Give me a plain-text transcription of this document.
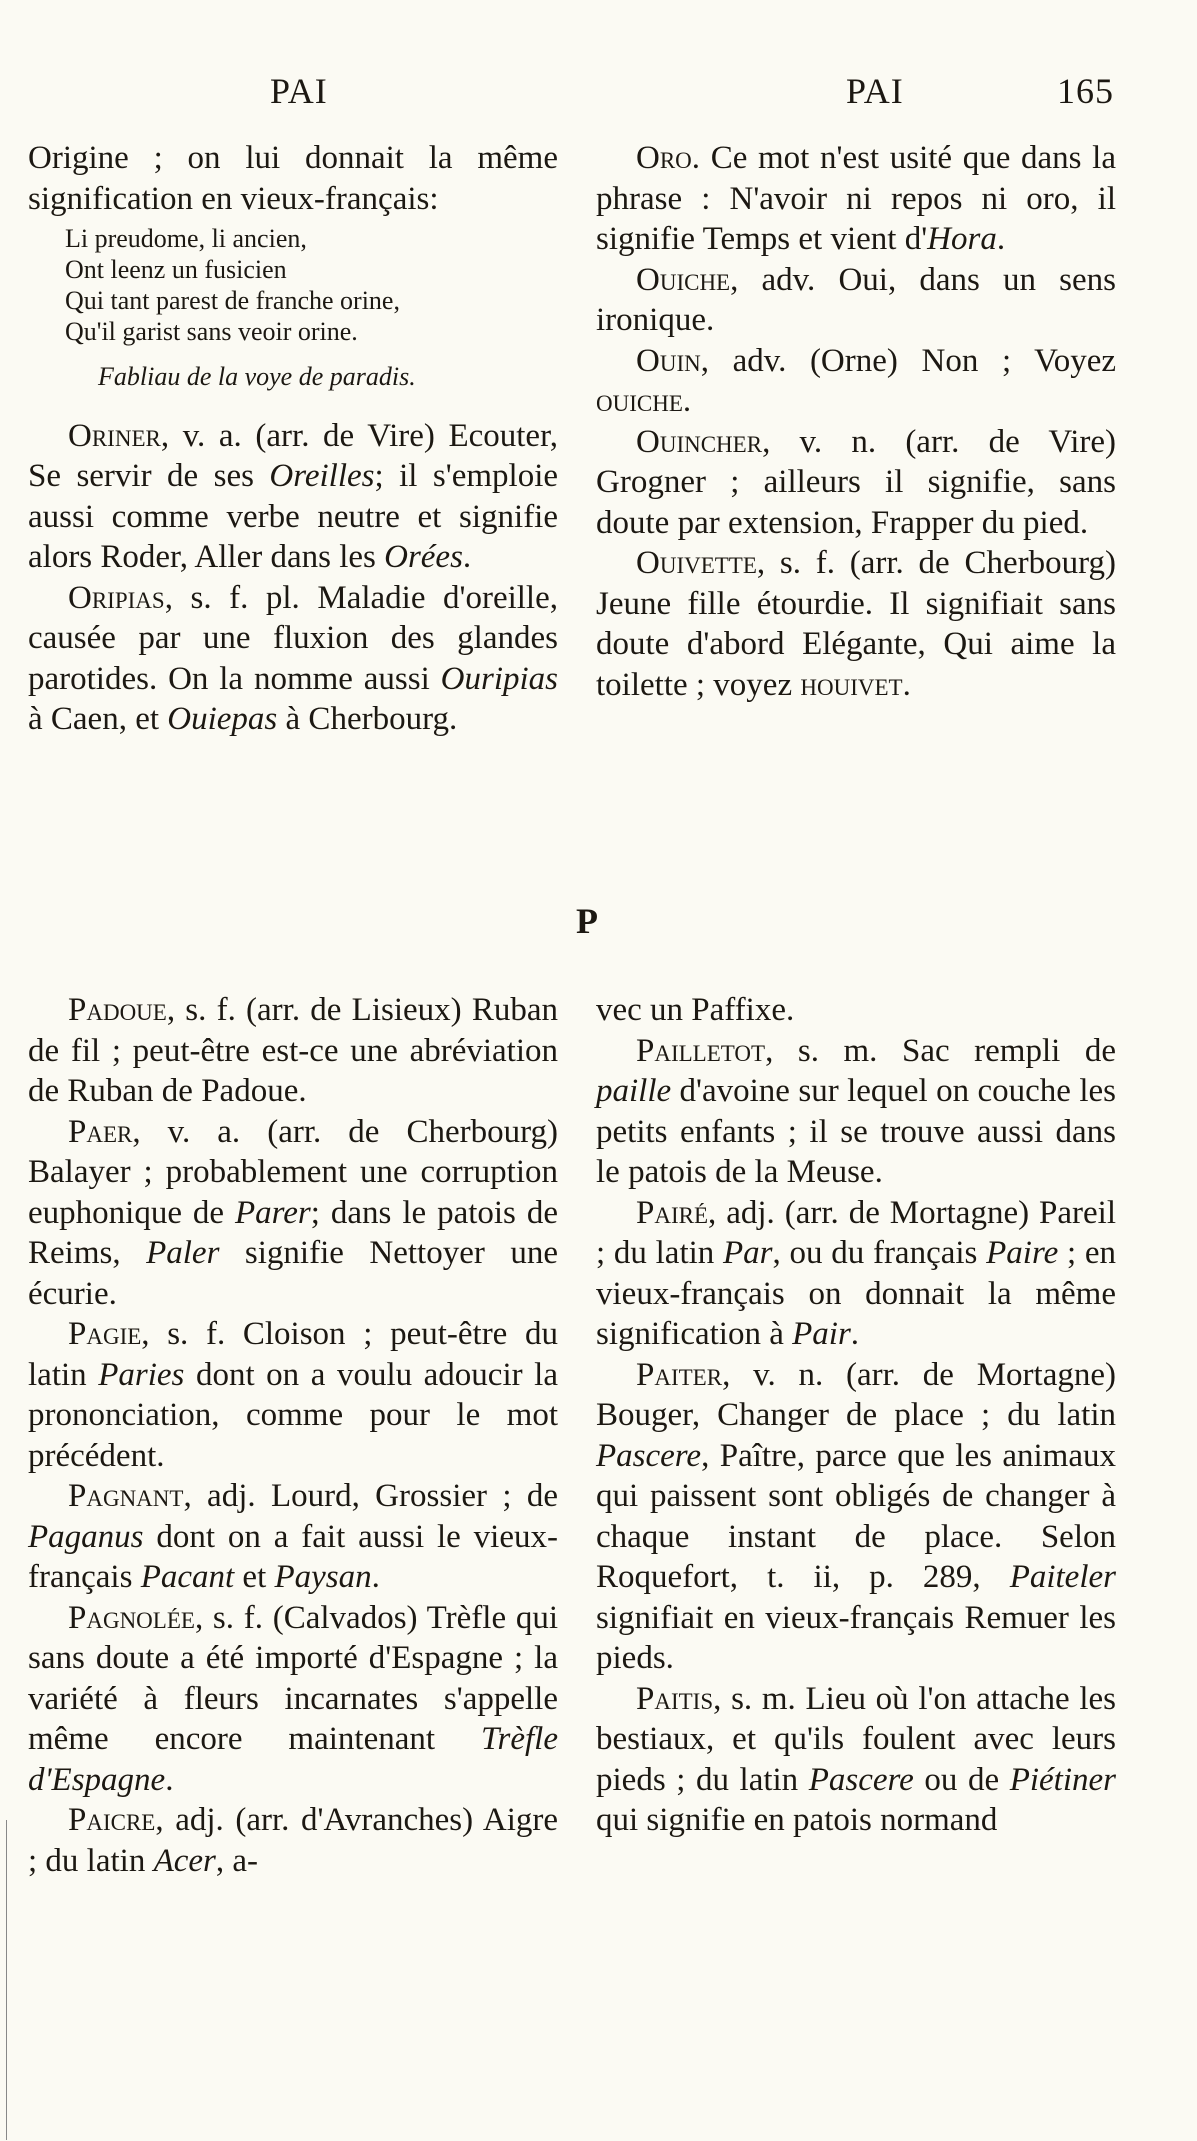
PAI	PAI	165

Origine ; on lui donnait la même signification en vieux-français:

Li preudome, li ancien,
Ont leenz un fusicien
Qui tant parest de franche orine,
Qu'il garist sans veoir orine.
Fabliau de la voye de paradis.

Oriner, v. a. (arr. de Vire) Ecouter, Se servir de ses Oreilles; il s'emploie aussi comme verbe neutre et signifie alors Roder, Aller dans les Orées.

Oripias, s. f. pl. Maladie d'oreille, causée par une fluxion des glandes parotides. On la nomme aussi Ouripias à Caen, et Ouiepas à Cherbourg.

Oro. Ce mot n'est usité que dans la phrase : N'avoir ni repos ni oro, il signifie Temps et vient d'Hora.

Ouiche, adv. Oui, dans un sens ironique.

Ouin, adv. (Orne) Non ; Voyez ouiche.

Ouincher, v. n. (arr. de Vire) Grogner ; ailleurs il signifie, sans doute par extension, Frapper du pied.

Ouivette, s. f. (arr. de Cherbourg) Jeune fille étourdie. Il signifiait sans doute d'abord Elégante, Qui aime la toilette ; voyez houivet.

P

Padoue, s. f. (arr. de Lisieux) Ruban de fil ; peut-être est-ce une abréviation de Ruban de Padoue.

Paer, v. a. (arr. de Cherbourg) Balayer ; probablement une corruption euphonique de Parer; dans le patois de Reims, Paler signifie Nettoyer une écurie.

Pagie, s. f. Cloison ; peut-être du latin Paries dont on a voulu adoucir la prononciation, comme pour le mot précédent.

Pagnant, adj. Lourd, Grossier ; de Paganus dont on a fait aussi le vieux-français Pacant et Paysan.

Pagnolée, s. f. (Calvados) Trèfle qui sans doute a été importé d'Espagne ; la variété à fleurs incarnates s'appelle même encore maintenant Trèfle d'Espagne.

Paicre, adj. (arr. d'Avranches) Aigre ; du latin Acer, a-

vec un Paffixe.

Pailletot, s. m. Sac rempli de paille d'avoine sur lequel on couche les petits enfants ; il se trouve aussi dans le patois de la Meuse.

Pairé, adj. (arr. de Mortagne) Pareil ; du latin Par, ou du français Paire ; en vieux-français on donnait la même signification à Pair.

Paiter, v. n. (arr. de Mortagne) Bouger, Changer de place ; du latin Pascere, Paître, parce que les animaux qui paissent sont obligés de changer à chaque instant de place. Selon Roquefort, t. ii, p. 289, Paiteler signifiait en vieux-français Remuer les pieds.

Paitis, s. m. Lieu où l'on attache les bestiaux, et qu'ils foulent avec leurs pieds ; du latin Pascere ou de Piétiner qui signifie en patois normand
